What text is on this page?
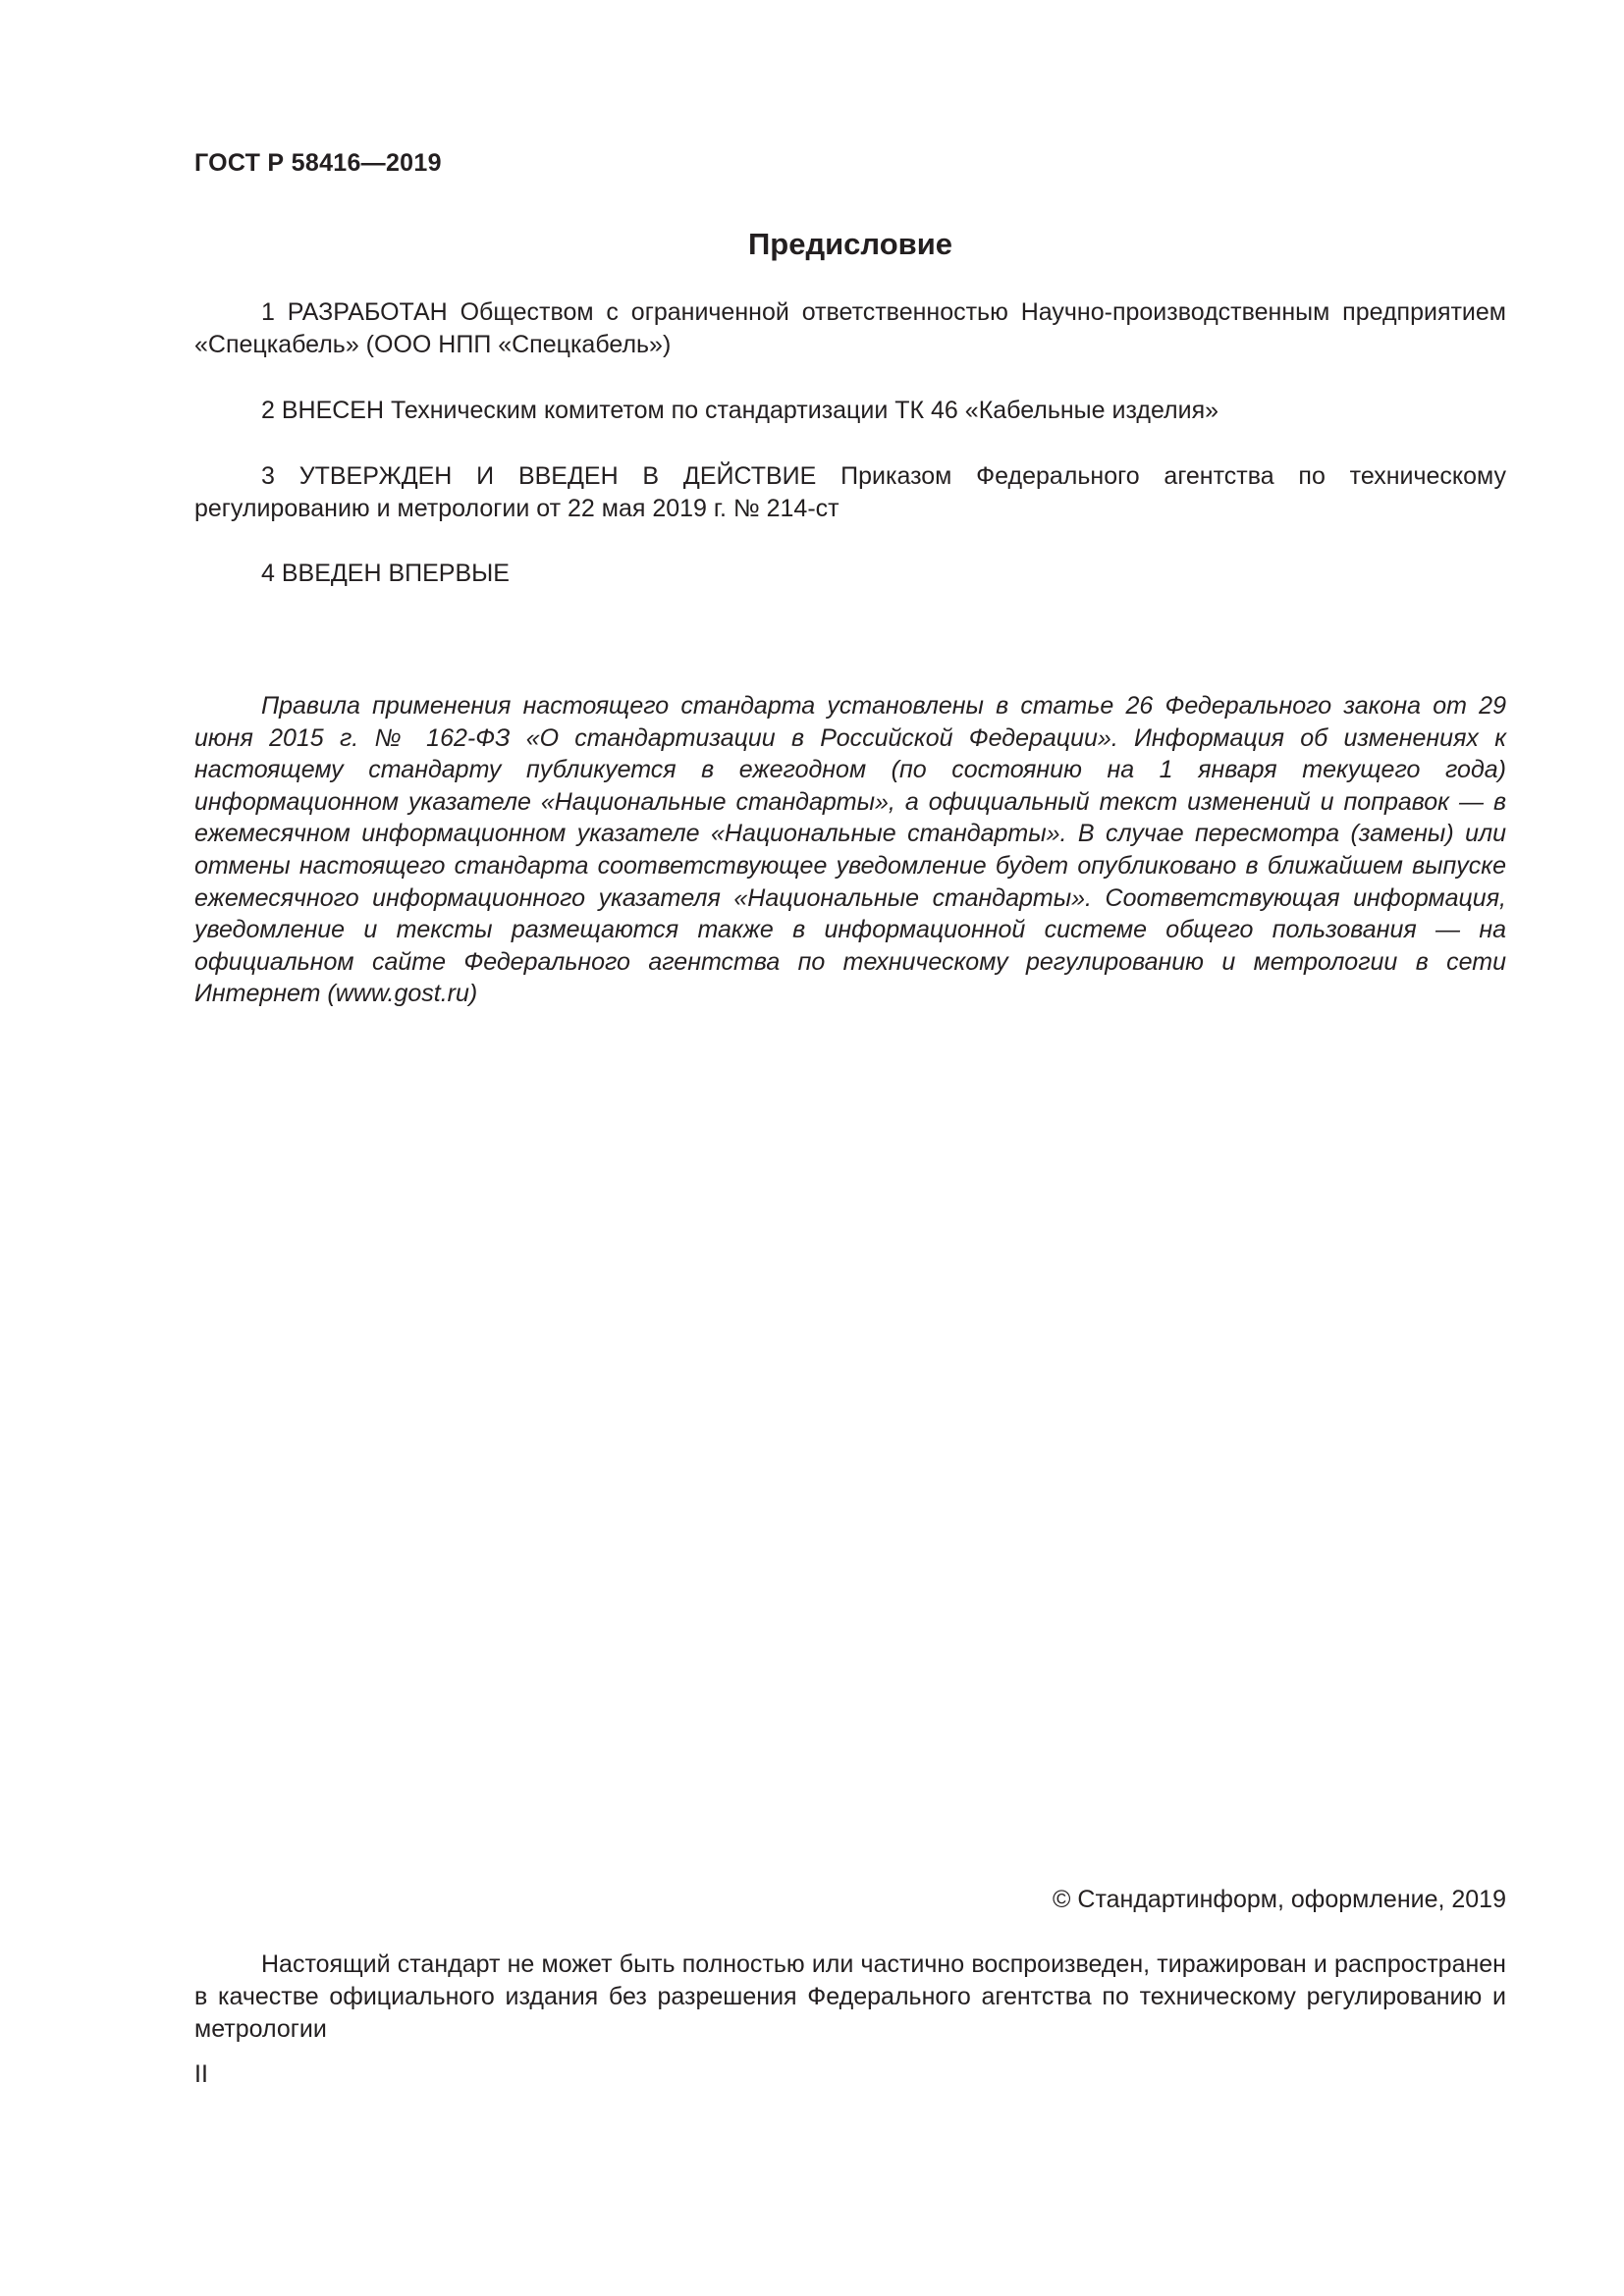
ГОСТ Р 58416—2019

Предисловие

1 РАЗРАБОТАН Обществом с ограниченной ответственностью Научно-производственным предприятием «Спецкабель» (ООО НПП «Спецкабель»)

2 ВНЕСЕН Техническим комитетом по стандартизации ТК 46 «Кабельные изделия»

3 УТВЕРЖДЕН И ВВЕДЕН В ДЕЙСТВИЕ Приказом Федерального агентства по техническому регулированию и метрологии от 22 мая 2019 г. № 214-ст

4 ВВЕДЕН ВПЕРВЫЕ

Правила применения настоящего стандарта установлены в статье 26 Федерального закона от 29 июня 2015 г. № 162-ФЗ «О стандартизации в Российской Федерации». Информация об изменениях к настоящему стандарту публикуется в ежегодном (по состоянию на 1 января текущего года) информационном указателе «Национальные стандарты», а официальный текст изменений и поправок — в ежемесячном информационном указателе «Национальные стандарты». В случае пересмотра (замены) или отмены настоящего стандарта соответствующее уведомление будет опубликовано в ближайшем выпуске ежемесячного информационного указателя «Национальные стандарты». Соответствующая информация, уведомление и тексты размещаются также в информационной системе общего пользования — на официальном сайте Федерального агентства по техническому регулированию и метрологии в сети Интернет (www.gost.ru)

© Стандартинформ, оформление, 2019

Настоящий стандарт не может быть полностью или частично воспроизведен, тиражирован и распространен в качестве официального издания без разрешения Федерального агентства по техническому регулированию и метрологии

II
